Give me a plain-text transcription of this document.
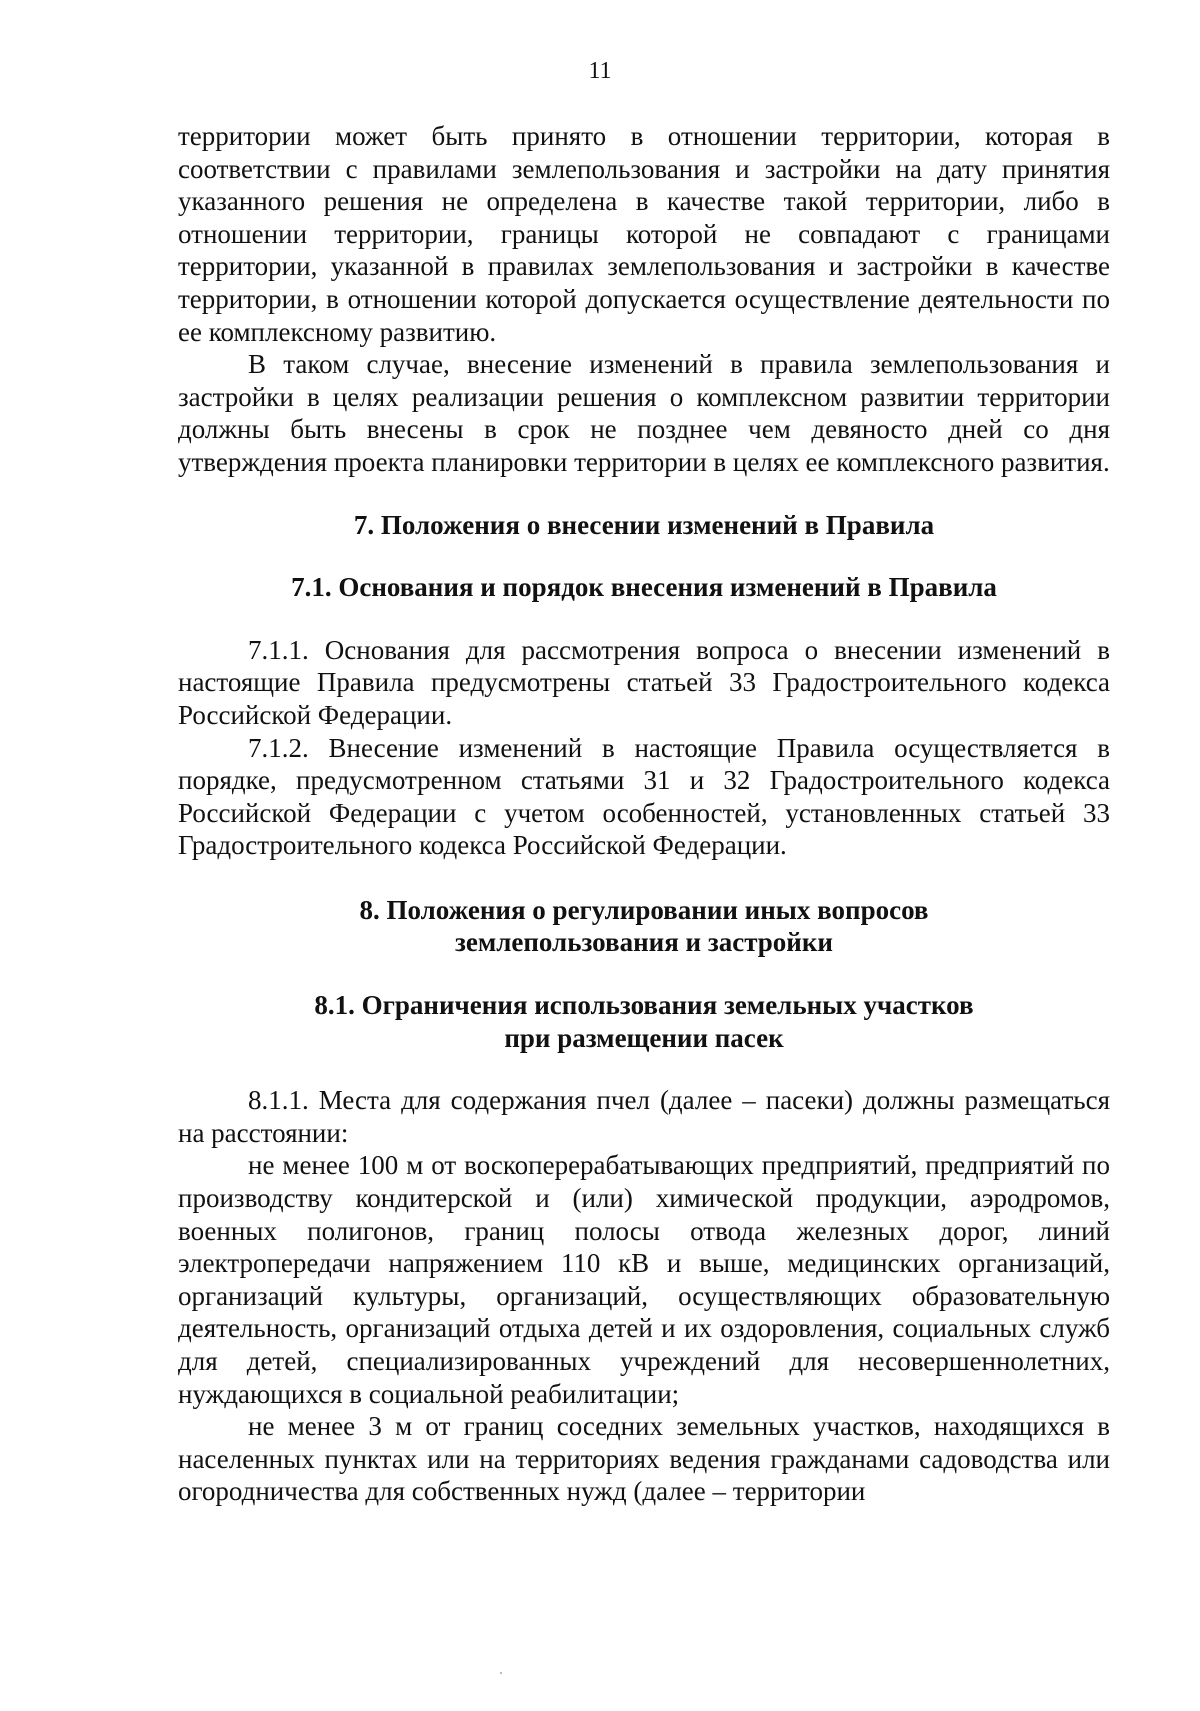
11

территории может быть принято в отношении территории, которая в соответствии с правилами землепользования и застройки на дату принятия указанного решения не определена в качестве такой территории, либо в отношении территории, границы которой не совпадают с границами территории, указанной в правилах землепользования и застройки в качестве территории, в отношении которой допускается осуществление деятельности по ее комплексному развитию.

В таком случае, внесение изменений в правила землепользования и застройки в целях реализации решения о комплексном развитии территории должны быть внесены в срок не позднее чем девяносто дней со дня утверждения проекта планировки территории в целях ее комплексного развития.

7. Положения о внесении изменений в Правила
7.1. Основания и порядок внесения изменений в Правила

7.1.1. Основания для рассмотрения вопроса о внесении изменений в настоящие Правила предусмотрены статьей 33 Градостроительного кодекса Российской Федерации.

7.1.2. Внесение изменений в настоящие Правила осуществляется в порядке, предусмотренном статьями 31 и 32 Градостроительного кодекса Российской Федерации с учетом особенностей, установленных статьей 33 Градостроительного кодекса Российской Федерации.

8. Положения о регулировании иных вопросов
землепользования и застройки
8.1. Ограничения использования земельных участков
при размещении пасек

8.1.1. Места для содержания пчел (далее – пасеки) должны размещаться на расстоянии:

не менее 100 м от воскоперерабатывающих предприятий, предприятий по производству кондитерской и (или) химической продукции, аэродромов, военных полигонов, границ полосы отвода железных дорог, линий электропередачи напряжением 110 кВ и выше, медицинских организаций, организаций культуры, организаций, осуществляющих образовательную деятельность, организаций отдыха детей и их оздоровления, социальных служб для детей, специализированных учреждений для несовершеннолетних, нуждающихся в социальной реабилитации;

не менее 3 м от границ соседних земельных участков, находящихся в населенных пунктах или на территориях ведения гражданами садоводства или огородничества для собственных нужд (далее – территории
